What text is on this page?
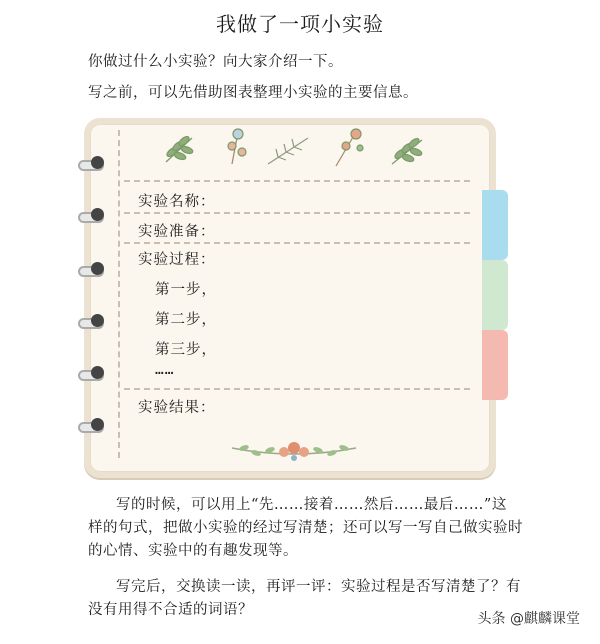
我做了一项小实验
你做过什么小实验？向大家介绍一下。
写之前，可以先借助图表整理小实验的主要信息。
实验名称：
实验准备：
实验过程：
第一步，
第二步，
第三步，
……
实验结果：
写的时候，可以用上“先……接着……然后……最后……”这
样的句式，把做小实验的经过写清楚；还可以写一写自己做实验时
的心情、实验中的有趣发现等。
写完后，交换读一读，再评一评：实验过程是否写清楚了？有
没有用得不合适的词语？
头条 @麒麟课堂
